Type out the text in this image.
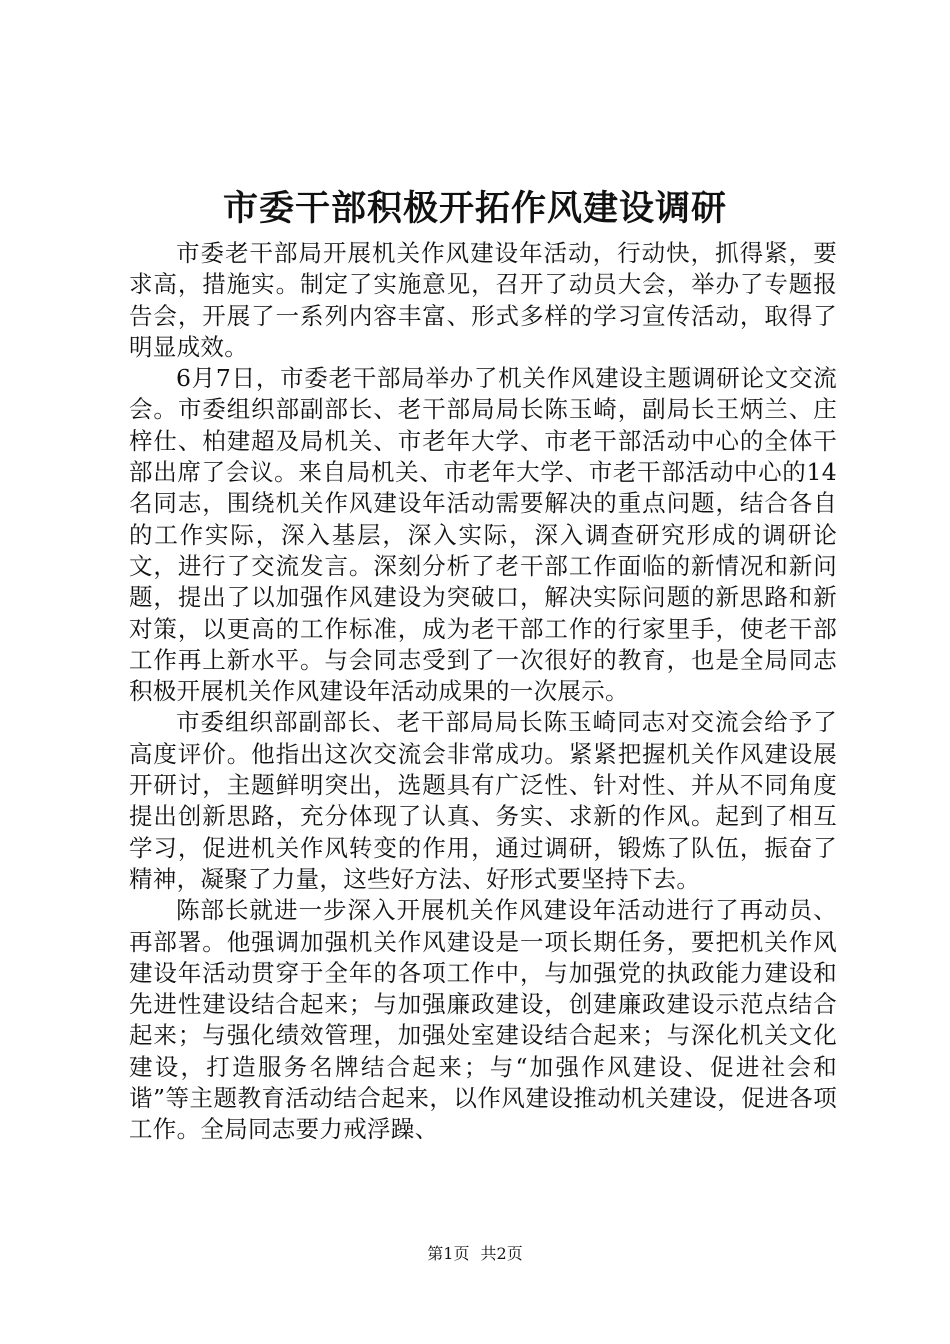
市委干部积极开拓作风建设调研

市委老干部局开展机关作风建设年活动，行动快，抓得紧，要求高，措施实。制定了实施意见，召开了动员大会，举办了专题报告会，开展了一系列内容丰富、形式多样的学习宣传活动，取得了明显成效。

6月7日，市委老干部局举办了机关作风建设主题调研论文交流会。市委组织部副部长、老干部局局长陈玉崎，副局长王炳兰、庄梓仕、柏建超及局机关、市老年大学、市老干部活动中心的全体干部出席了会议。来自局机关、市老年大学、市老干部活动中心的14名同志，围绕机关作风建设年活动需要解决的重点问题，结合各自的工作实际，深入基层，深入实际，深入调查研究形成的调研论文，进行了交流发言。深刻分析了老干部工作面临的新情况和新问题，提出了以加强作风建设为突破口，解决实际问题的新思路和新对策，以更高的工作标准，成为老干部工作的行家里手，使老干部工作再上新水平。与会同志受到了一次很好的教育，也是全局同志积极开展机关作风建设年活动成果的一次展示。

市委组织部副部长、老干部局局长陈玉崎同志对交流会给予了高度评价。他指出这次交流会非常成功。紧紧把握机关作风建设展开研讨，主题鲜明突出，选题具有广泛性、针对性、并从不同角度提出创新思路，充分体现了认真、务实、求新的作风。起到了相互学习，促进机关作风转变的作用，通过调研，锻炼了队伍，振奋了精神，凝聚了力量，这些好方法、好形式要坚持下去。

陈部长就进一步深入开展机关作风建设年活动进行了再动员、再部署。他强调加强机关作风建设是一项长期任务，要把机关作风建设年活动贯穿于全年的各项工作中，与加强党的执政能力建设和先进性建设结合起来；与加强廉政建设，创建廉政建设示范点结合起来；与强化绩效管理，加强处室建设结合起来；与深化机关文化建设，打造服务名牌结合起来；与“加强作风建设、促进社会和谐”等主题教育活动结合起来，以作风建设推动机关建设，促进各项工作。全局同志要力戒浮躁、

第1页 共2页
